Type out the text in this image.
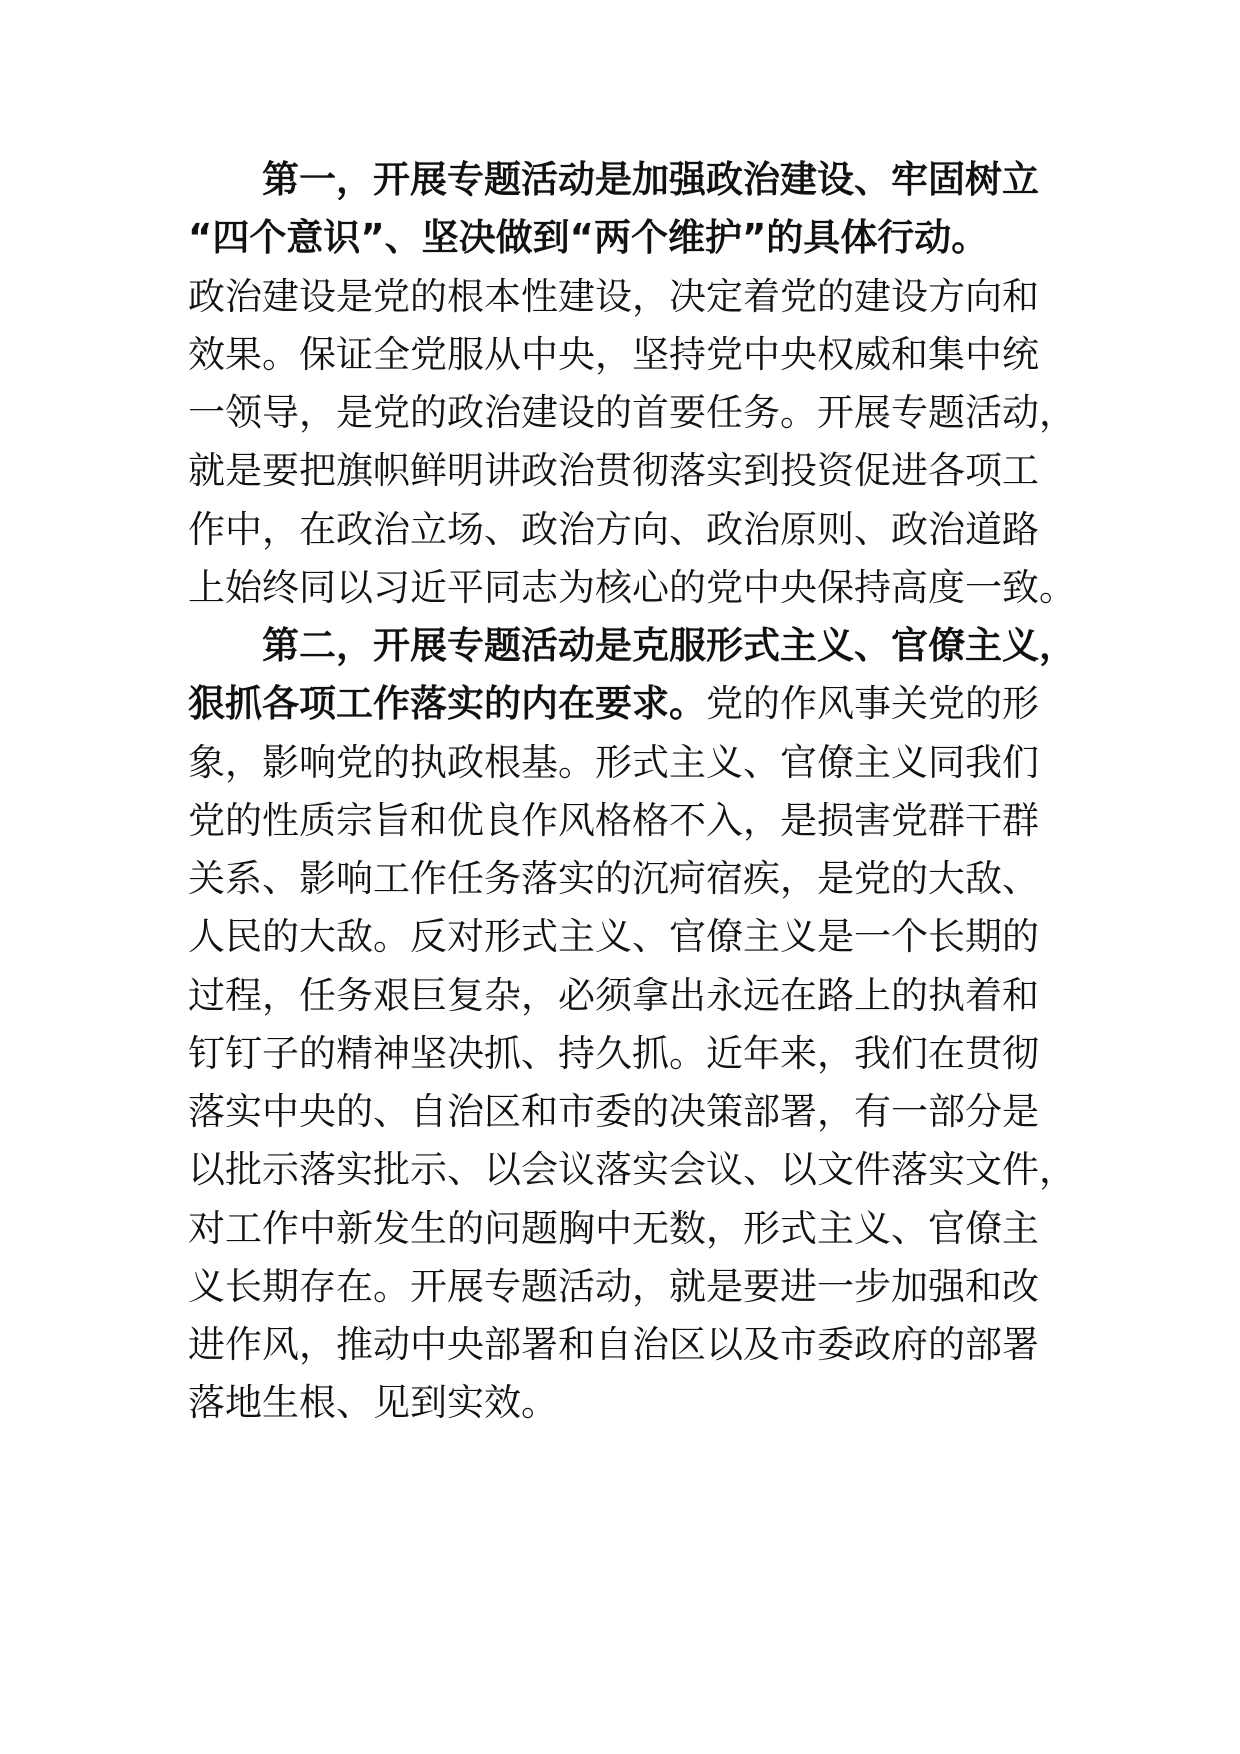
第一，开展专题活动是加强政治建设、牢固树立
“四个意识”、坚决做到“两个维护”的具体行动。
政治建设是党的根本性建设，决定着党的建设方向和
效果。保证全党服从中央，坚持党中央权威和集中统
一领导，是党的政治建设的首要任务。开展专题活动，
就是要把旗帜鲜明讲政治贯彻落实到投资促进各项工
作中，在政治立场、政治方向、政治原则、政治道路
上始终同以习近平同志为核心的党中央保持高度一致。
第二，开展专题活动是克服形式主义、官僚主义，
狠抓各项工作落实的内在要求。党的作风事关党的形
象，影响党的执政根基。形式主义、官僚主义同我们
党的性质宗旨和优良作风格格不入，是损害党群干群
关系、影响工作任务落实的沉疴宿疾，是党的大敌、
人民的大敌。反对形式主义、官僚主义是一个长期的
过程，任务艰巨复杂，必须拿出永远在路上的执着和
钉钉子的精神坚决抓、持久抓。近年来，我们在贯彻
落实中央的、自治区和市委的决策部署，有一部分是
以批示落实批示、以会议落实会议、以文件落实文件，
对工作中新发生的问题胸中无数，形式主义、官僚主
义长期存在。开展专题活动，就是要进一步加强和改
进作风，推动中央部署和自治区以及市委政府的部署
落地生根、见到实效。
